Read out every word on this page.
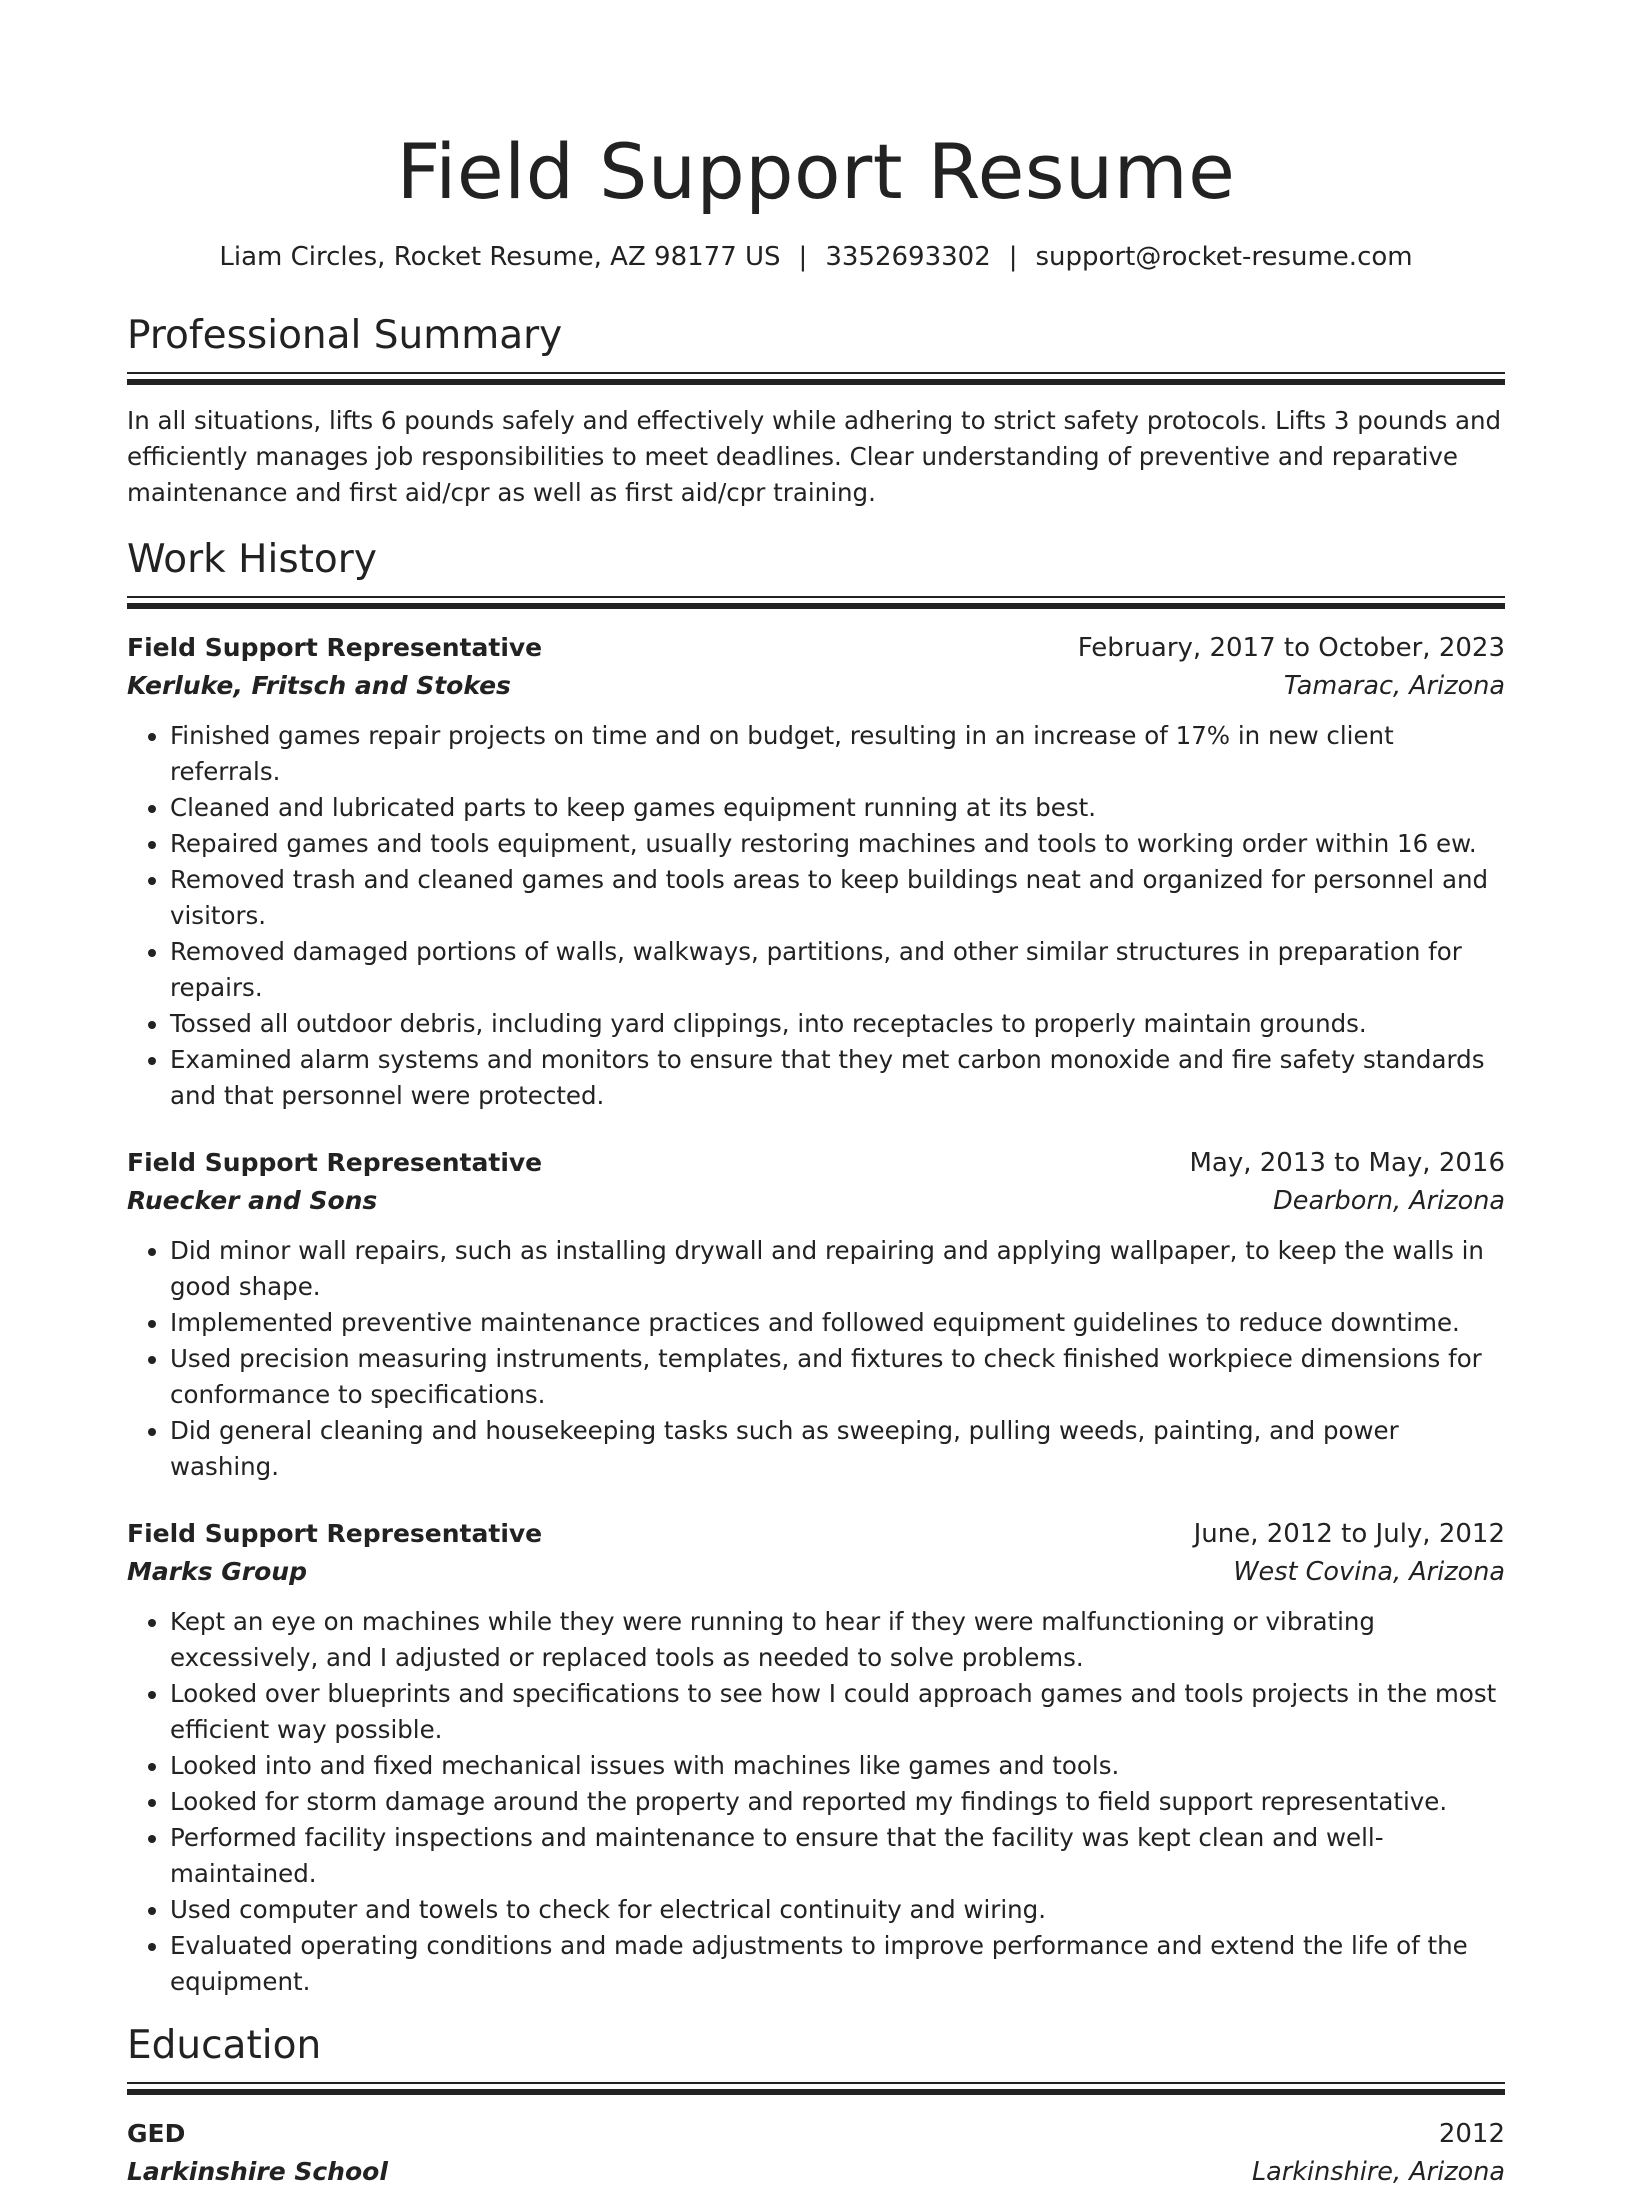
Field Support Resume
Liam Circles, Rocket Resume, AZ 98177 US | 3352693302 | support@rocket-resume.com
Professional Summary

In all situations, lifts 6 pounds safely and effectively while adhering to strict safety protocols. Lifts 3 pounds and efficiently manages job responsibilities to meet deadlines. Clear understanding of preventive and reparative maintenance and first aid/cpr as well as first aid/cpr training.

Work History
Field Support Representative	February, 2017 to October, 2023
Kerluke, Fritsch and Stokes	Tamarac, Arizona
• Finished games repair projects on time and on budget, resulting in an increase of 17% in new client referrals.
• Cleaned and lubricated parts to keep games equipment running at its best.
• Repaired games and tools equipment, usually restoring machines and tools to working order within 16 ew.
• Removed trash and cleaned games and tools areas to keep buildings neat and organized for personnel and visitors.
• Removed damaged portions of walls, walkways, partitions, and other similar structures in preparation for repairs.
• Tossed all outdoor debris, including yard clippings, into receptacles to properly maintain grounds.
• Examined alarm systems and monitors to ensure that they met carbon monoxide and fire safety standards and that personnel were protected.
Field Support Representative	May, 2013 to May, 2016
Ruecker and Sons	Dearborn, Arizona
• Did minor wall repairs, such as installing drywall and repairing and applying wallpaper, to keep the walls in good shape.
• Implemented preventive maintenance practices and followed equipment guidelines to reduce downtime.
• Used precision measuring instruments, templates, and fixtures to check finished workpiece dimensions for conformance to specifications.
• Did general cleaning and housekeeping tasks such as sweeping, pulling weeds, painting, and power washing.
Field Support Representative	June, 2012 to July, 2012
Marks Group	West Covina, Arizona
• Kept an eye on machines while they were running to hear if they were malfunctioning or vibrating excessively, and I adjusted or replaced tools as needed to solve problems.
• Looked over blueprints and specifications to see how I could approach games and tools projects in the most efficient way possible.
• Looked into and fixed mechanical issues with machines like games and tools.
• Looked for storm damage around the property and reported my findings to field support representative.
• Performed facility inspections and maintenance to ensure that the facility was kept clean and well-maintained.
• Used computer and towels to check for electrical continuity and wiring.
• Evaluated operating conditions and made adjustments to improve performance and extend the life of the equipment.
Education
GED	2012
Larkinshire School	Larkinshire, Arizona
